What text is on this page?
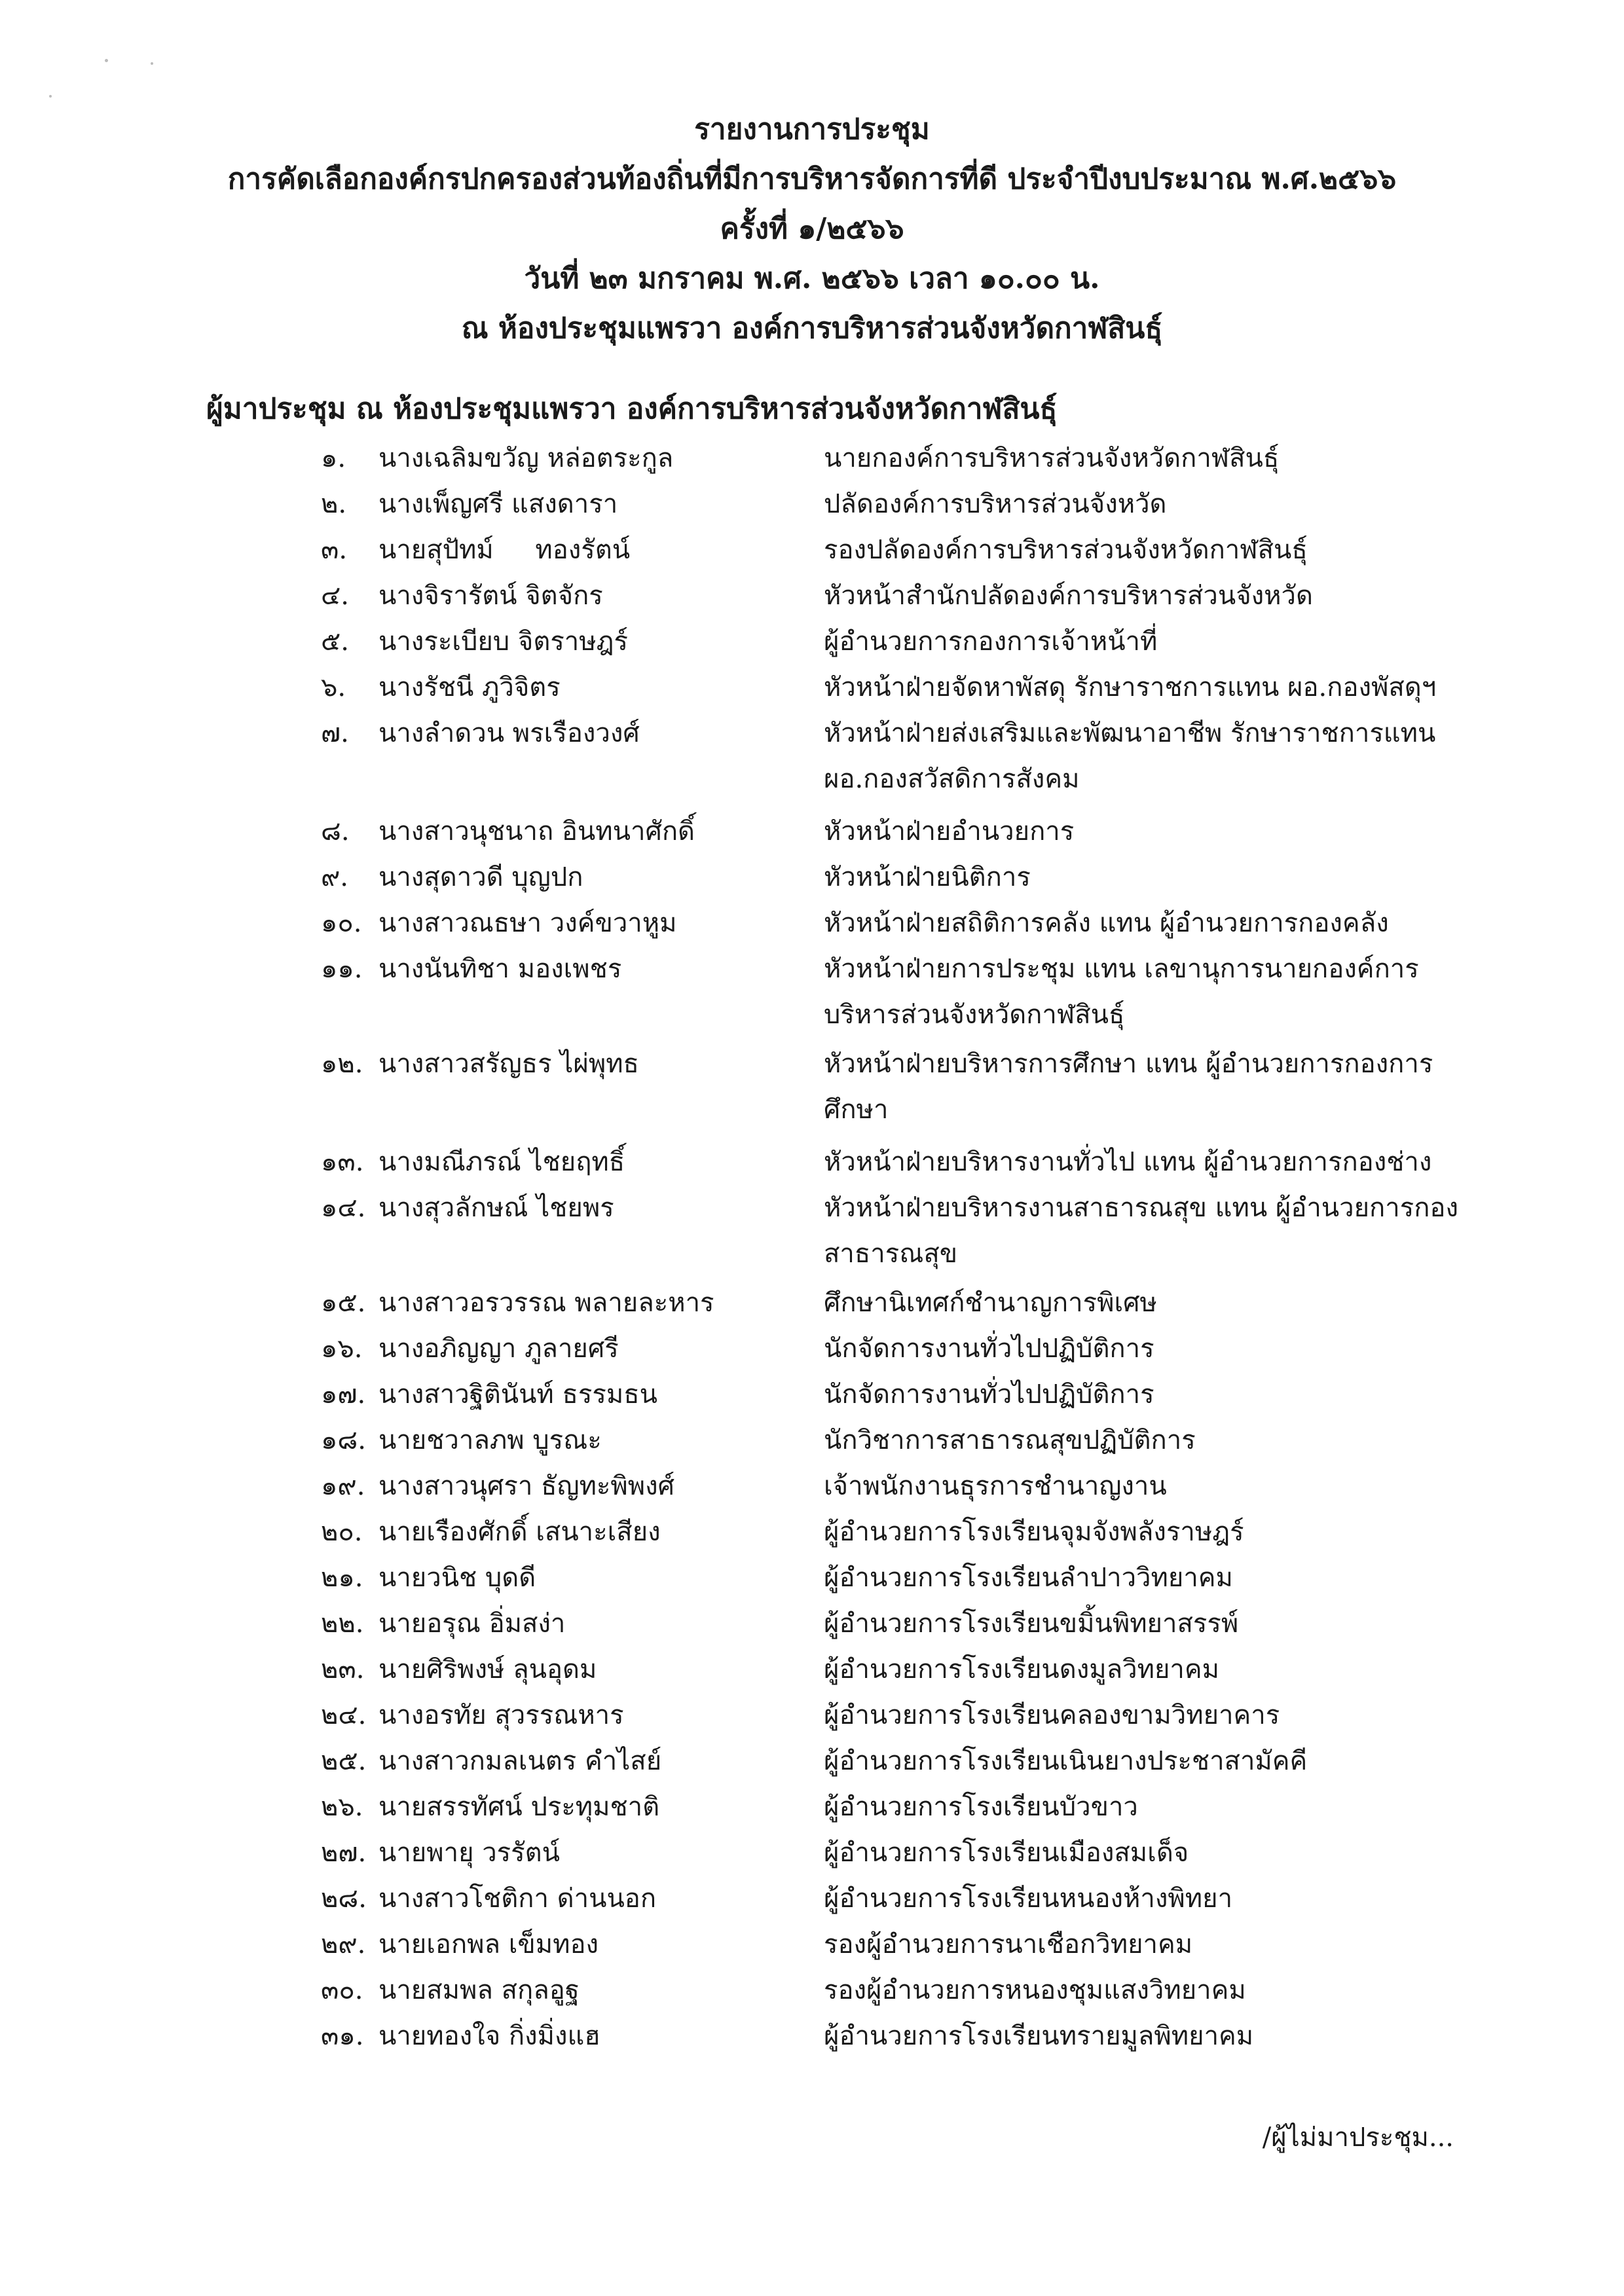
รายงานการประชุม
การคัดเลือกองค์กรปกครองส่วนท้องถิ่นที่มีการบริหารจัดการที่ดี ประจำปีงบประมาณ พ.ศ.๒๕๖๖
ครั้งที่ ๑/๒๕๖๖
วันที่ ๒๓ มกราคม พ.ศ. ๒๕๖๖ เวลา ๑๐.๐๐ น.
ณ ห้องประชุมแพรวา องค์การบริหารส่วนจังหวัดกาฬสินธุ์
ผู้มาประชุม ณ ห้องประชุมแพรวา องค์การบริหารส่วนจังหวัดกาฬสินธุ์
๑.	นางเฉลิมขวัญ หล่อตระกูล	นายกองค์การบริหารส่วนจังหวัดกาฬสินธุ์
๒.	นางเพ็ญศรี แสงดารา	ปลัดองค์การบริหารส่วนจังหวัด
๓.	นายสุปัทม์     ทองรัตน์	รองปลัดองค์การบริหารส่วนจังหวัดกาฬสินธุ์
๔.	นางจิรารัตน์ จิตจักร	หัวหน้าสำนักปลัดองค์การบริหารส่วนจังหวัด
๕.	นางระเบียบ จิตราษฎร์	ผู้อำนวยการกองการเจ้าหน้าที่
๖.	นางรัชนี ภูวิจิตร	หัวหน้าฝ่ายจัดหาพัสดุ รักษาราชการแทน ผอ.กองพัสดุฯ
๗.	นางลำดวน พรเรืองวงศ์	หัวหน้าฝ่ายส่งเสริมและพัฒนาอาชีพ รักษาราชการแทน ผอ.กองสวัสดิการสังคม
๘.	นางสาวนุชนาถ อินทนาศักดิ์	หัวหน้าฝ่ายอำนวยการ
๙.	นางสุดาวดี บุญปก	หัวหน้าฝ่ายนิติการ
๑๐. นางสาวณธษา วงค์ขวาหูม	หัวหน้าฝ่ายสถิติการคลัง แทน ผู้อำนวยการกองคลัง
๑๑. นางนันทิชา มองเพชร	หัวหน้าฝ่ายการประชุม แทน เลขานุการนายกองค์การบริหารส่วนจังหวัดกาฬสินธุ์
๑๒. นางสาวสรัญธร ไผ่พุทธ	หัวหน้าฝ่ายบริหารการศึกษา แทน ผู้อำนวยการกองการศึกษา
๑๓. นางมณีภรณ์ ไชยฤทธิ์	หัวหน้าฝ่ายบริหารงานทั่วไป แทน ผู้อำนวยการกองช่าง
๑๔. นางสุวลักษณ์ ไชยพร	หัวหน้าฝ่ายบริหารงานสาธารณสุข แทน ผู้อำนวยการกองสาธารณสุข
๑๕. นางสาวอรวรรณ พลายละหาร	ศึกษานิเทศก์ชำนาญการพิเศษ
๑๖. นางอภิญญา ภูลายศรี	นักจัดการงานทั่วไปปฏิบัติการ
๑๗. นางสาวฐิตินันท์ ธรรมธน	นักจัดการงานทั่วไปปฏิบัติการ
๑๘. นายชวาลภพ บูรณะ	นักวิชาการสาธารณสุขปฏิบัติการ
๑๙. นางสาวนุศรา ธัญทะพิพงศ์	เจ้าพนักงานธุรการชำนาญงาน
๒๐. นายเรืองศักดิ์ เสนาะเสียง	ผู้อำนวยการโรงเรียนจุมจังพลังราษฎร์
๒๑. นายวนิช บุดดี	ผู้อำนวยการโรงเรียนลำปาววิทยาคม
๒๒. นายอรุณ อิ่มสง่า	ผู้อำนวยการโรงเรียนขมิ้นพิทยาสรรพ์
๒๓. นายศิริพงษ์ ลุนอุดม	ผู้อำนวยการโรงเรียนดงมูลวิทยาคม
๒๔. นางอรทัย สุวรรณหาร	ผู้อำนวยการโรงเรียนคลองขามวิทยาคาร
๒๕. นางสาวกมลเนตร คำไสย์	ผู้อำนวยการโรงเรียนเนินยางประชาสามัคคี
๒๖. นายสรรทัศน์ ประทุมชาติ	ผู้อำนวยการโรงเรียนบัวขาว
๒๗. นายพายุ วรรัตน์	ผู้อำนวยการโรงเรียนเมืองสมเด็จ
๒๘. นางสาวโชติกา ด่านนอก	ผู้อำนวยการโรงเรียนหนองห้างพิทยา
๒๙. นายเอกพล เข็มทอง	รองผู้อำนวยการนาเชือกวิทยาคม
๓๐. นายสมพล สกุลอูฐ	รองผู้อำนวยการหนองชุมแสงวิทยาคม
๓๑. นายทองใจ กิ่งมิ่งแฮ	ผู้อำนวยการโรงเรียนทรายมูลพิทยาคม
/ผู้ไม่มาประชุม...
